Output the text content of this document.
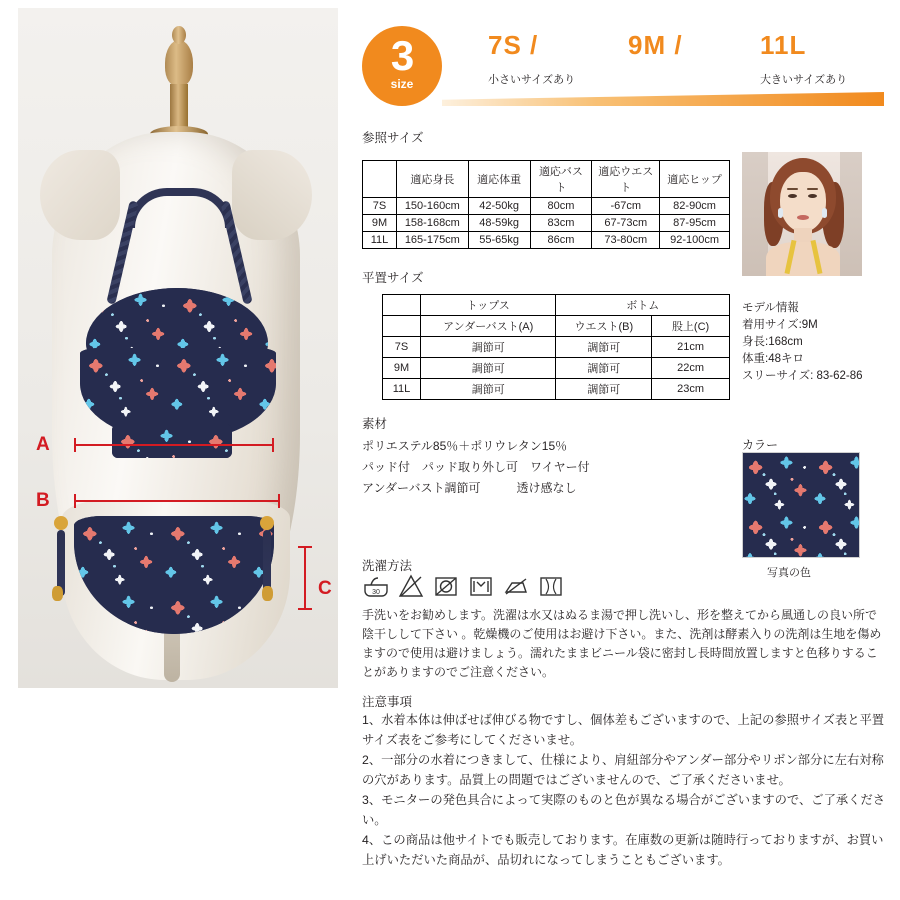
A
B
C
3
size
7S /
小さいサイズあり
9M /	11L
大きいサイズあり
参照サイズ
	適応身長	適応体重	適応バスト	適応ウエスト	適応ヒップ
7S	150-160cm	42-50kg	80cm	-67cm	82-90cm
9M	158-168cm	48-59kg	83cm	67-73cm	87-95cm
11L	165-175cm	55-65kg	86cm	73-80cm	92-100cm
平置サイズ
	トップス	ボトム	
	アンダーバスト(A)	ウエスト(B)	股上(C)
7S	調節可	調節可	21cm
9M	調節可	調節可	22cm
11L	調節可	調節可	23cm
モデル情報
着用サイズ:9M
身長:168cm
体重:48キロ
スリーサイズ: 83-62-86
素材
ポリエステル85％＋ポリウレタン15％
パッド付　パッド取り外し可　ワイヤー付
アンダーバスト調節可　　　透け感なし
カラー
写真の色
洗濯方法
30
手洗いをお勧めします。洗濯は水又はぬるま湯で押し洗いし、形を整えてから風通しの良い所で陰干しして下さい 。乾燥機のご使用はお避け下さい。また、洗剤は酵素入りの洗剤は生地を傷めますので使用は避けましょう。濡れたままビニール袋に密封し長時間放置しますと色移りすることがありますのでご注意ください。
注意事項
1、水着本体は伸ばせば伸びる物ですし、個体差もございますので、上記の参照サイズ表と平置サイズ表をご参考にしてくださいませ。
2、一部分の水着につきまして、仕様により、肩紐部分やアンダー部分やリボン部分に左右対称の穴があります。品質上の問題ではございませんので、ご了承くださいませ。
3、モニターの発色具合によって実際のものと色が異なる場合がございますので、ご了承ください。
4、この商品は他サイトでも販売しております。在庫数の更新は随時行っておりますが、お買い上げいただいた商品が、品切れになってしまうこともございます。
